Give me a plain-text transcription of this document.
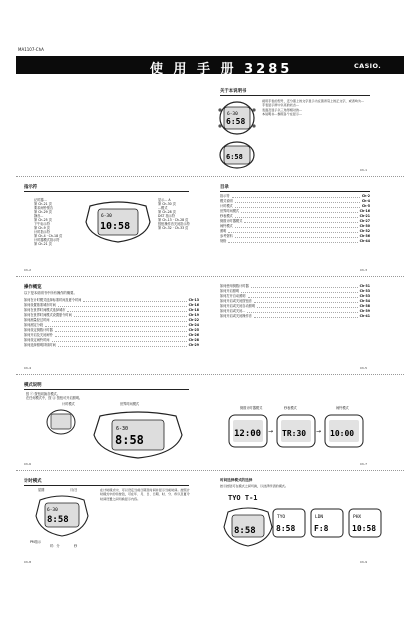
MA1107-ChA
使 用 手 册 3285	CASIO.
关于本说明书
6-30
6:58
6:58
视用手表的型号，还分黑上的文字显示为反黑背景上的正文字，或者均为...
手表显示屏中以亮的状态...
表面及显示以三角形相对的...
本说明书...参照各个在显示...
Ch-1
指示符
6-30
10:58
记时器...
第 Ch-21 页
要求闹铃预告
第 Ch-29 页
静音...
第 Ch-25 页
下午标示符
第 Ch-9 页
计时指示符
第 Ch-4 · Ch-18 页
计时器模式指示符
第 Ch-21 页
显示... A
第 Ch-30 页
...模式
第 Ch-28 页
DST 指示符
第 Ch-13 · Ch-28 页
按钮操作音关闭指示符
第 Ch-32 · Ch-33 页
Ch-2
目录
指示符	Ch-2
模式说明	Ch-4
计时模式	Ch-5
世界时间模式	Ch-16
秒表模式	Ch-21
倒数计时器模式	Ch-27
闹铃模式	Ch-30
照明	Ch-32
参考资料	Ch-36
规格	Ch-44
Ch-3
操作概览
以下是本说明书中所有操作的概要。
如何在计时模式选择标准时间及夏令时间	Ch-13
如何设置基准城市时间	Ch-16
如何在世界时间模式选择城市	Ch-18
如何在世界时间模式设置夏令时间	Ch-19
如何测量经过时间	Ch-22
如何测定分段	Ch-24
如何设定倒数计时器	Ch-25
如何开启及关闭闹铃	Ch-26
如何设定闹铃时间	Ch-28
如何选择照明持续时间	Ch-29
如何使用倒数计时器	Ch-31
如何开启照明	Ch-33
如何打开自动照明	Ch-33
如何开启或关闭按钮音	Ch-34
如何开启或关闭自动照明	Ch-38
如何开启或关闭...	Ch-39
如何开启或关闭操作音	Ch-41
Ch-4	Ch-5
模式说明
按 ⓒ 按钮切换各模式。
在任何模式中，按 Ⓐ 按钮可开启照明。
计时模式	世界时间模式
倒数计时器模式	秒表模式	闹铃模式
6-30
8:58	12:00	TR:30	10:00
→	→
Ch-6	Ch-7
计时模式
6-30
8:58
星期	月/日
PM指示
时：分	秒
在计时模式中，可以设定当前日期及时间并显示当前时间。按照计时模式中的Ⓑ按钮，可在年、月、日、日期、时、分、秒以及夏令时间设置之间切换显示内容。
Ch-8
时间选择模式的选择
按Ⓒ按钮可在模式之间切换，以选择所需的模式。
TYO T-1
8:58
TYO
8:58
LDN
F:8
PHX
10:58
Ch-9
